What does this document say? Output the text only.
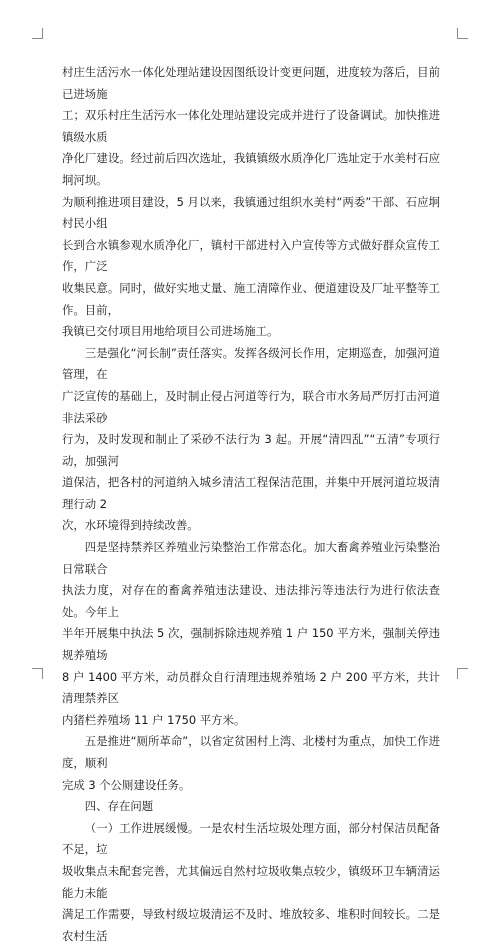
村庄生活污水一体化处理站建设因图纸设计变更问题，进度较为落后，目前已进场施
工；双乐村庄生活污水一体化处理站建设完成并进行了设备调试。加快推进镇级水质
净化厂建设。经过前后四次选址，我镇镇级水质净化厂选址定于水美村石应坰河坝。
为顺利推进项目建设，5 月以来，我镇通过组织水美村“两委”干部、石应坰村民小组
长到合水镇参观水质净化厂，镇村干部进村入户宣传等方式做好群众宣传工作，广泛
收集民意。同时，做好实地丈量、施工清障作业、便道建设及厂址平整等工作。目前，
我镇已交付项目用地给项目公司进场施工。

三是强化“河长制”责任落实。发挥各级河长作用，定期巡查，加强河道管理，在
广泛宣传的基础上，及时制止侵占河道等行为，联合市水务局严厉打击河道非法采砂
行为，及时发现和制止了采砂不法行为 3 起。开展“清四乱”“五清”专项行动，加强河
道保洁，把各村的河道纳入城乡清洁工程保洁范围，并集中开展河道垃圾清理行动 2
次，水环境得到持续改善。

四是坚持禁养区养殖业污染整治工作常态化。加大畜禽养殖业污染整治日常联合
执法力度，对存在的畜禽养殖违法建设、违法排污等违法行为进行依法查处。今年上
半年开展集中执法 5 次，强制拆除违规养殖 1 户 150 平方米，强制关停违规养殖场
8 户 1400 平方米，动员群众自行清理违规养殖场 2 户 200 平方米，共计清理禁养区
内猪栏养殖场 11 户 1750 平方米。

五是推进“厕所革命”，以省定贫困村上湾、北楼村为重点，加快工作进度，顺利
完成 3 个公厕建设任务。

四、存在问题

（一）工作进展缓慢。一是农村生活垃圾处理方面，部分村保洁员配备不足，垃
圾收集点未配套完善，尤其偏远自然村垃圾收集点较少，镇级环卫车辆清运能力未能
满足工作需要，导致村级垃圾清运不及时、堆放较多、堆积时间较长。二是农村生活
